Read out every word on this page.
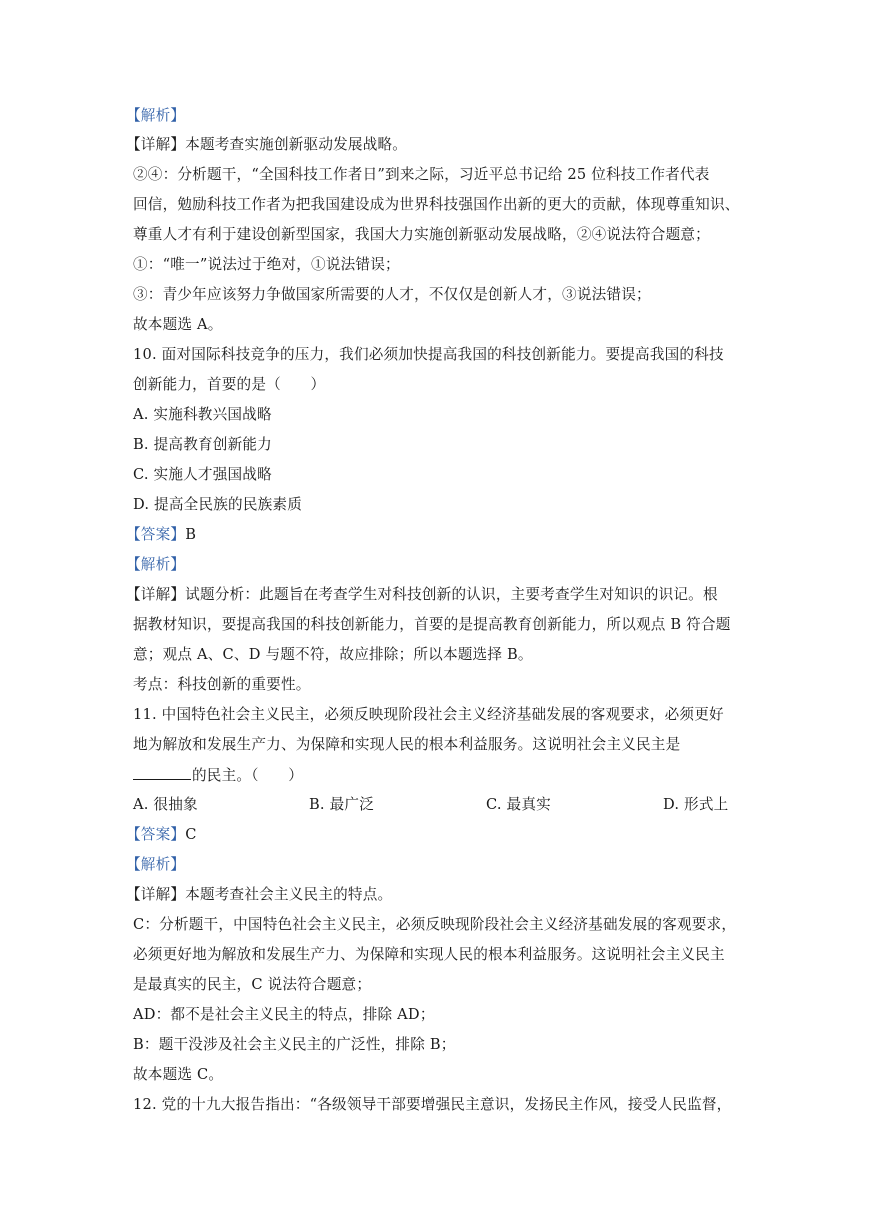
【解析】
【详解】本题考查实施创新驱动发展战略。
②④：分析题干，“全国科技工作者日”到来之际，习近平总书记给 25 位科技工作者代表
回信，勉励科技工作者为把我国建设成为世界科技强国作出新的更大的贡献，体现尊重知识、
尊重人才有利于建设创新型国家，我国大力实施创新驱动发展战略，②④说法符合题意；
①：“唯一”说法过于绝对，①说法错误；
③：青少年应该努力争做国家所需要的人才，不仅仅是创新人才，③说法错误；
故本题选 A。
10. 面对国际科技竞争的压力，我们必须加快提高我国的科技创新能力。要提高我国的科技
创新能力，首要的是（　　）
A. 实施科教兴国战略
B. 提高教育创新能力
C. 实施人才强国战略
D. 提高全民族的民族素质
【答案】B
【解析】
【详解】试题分析：此题旨在考查学生对科技创新的认识，主要考查学生对知识的识记。根
据教材知识，要提高我国的科技创新能力，首要的是提高教育创新能力，所以观点 B 符合题
意；观点 A、C、D 与题不符，故应排除；所以本题选择 B。
考点：科技创新的重要性。
11. 中国特色社会主义民主，必须反映现阶段社会主义经济基础发展的客观要求，必须更好
地为解放和发展生产力、为保障和实现人民的根本利益服务。这说明社会主义民主是
的民主。（　　）
A. 很抽象	B. 最广泛	C. 最真实	D. 形式上
【答案】C
【解析】
【详解】本题考查社会主义民主的特点。
C：分析题干，中国特色社会主义民主，必须反映现阶段社会主义经济基础发展的客观要求，
必须更好地为解放和发展生产力、为保障和实现人民的根本利益服务。这说明社会主义民主
是最真实的民主，C 说法符合题意；
AD：都不是社会主义民主的特点，排除 AD；
B：题干没涉及社会主义民主的广泛性，排除 B；
故本题选 C。
12. 党的十九大报告指出：“各级领导干部要增强民主意识，发扬民主作风，接受人民监督，
